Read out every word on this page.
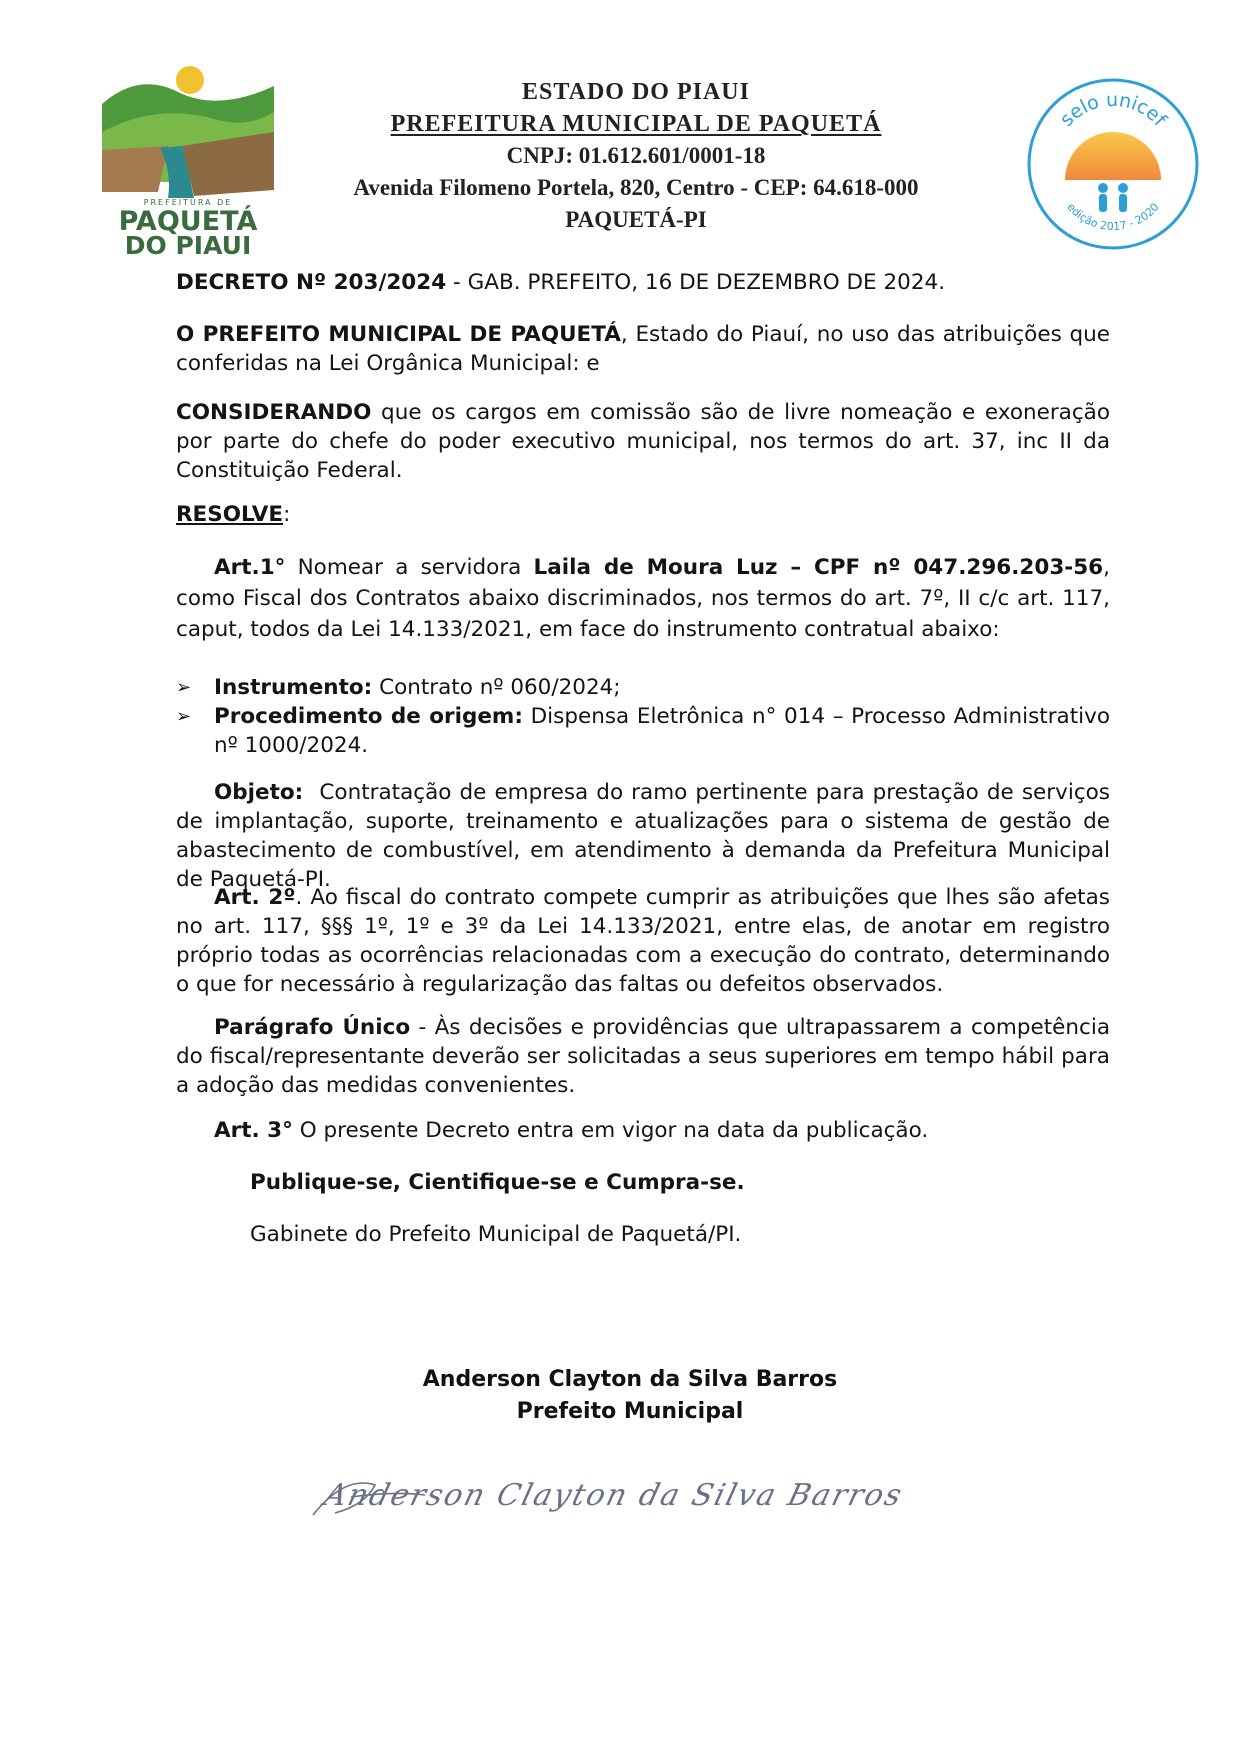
PREFEITURA DE
PAQUETÁ
DO PIAUI
ESTADO DO PIAUI
PREFEITURA MUNICIPAL DE PAQUETÁ
CNPJ: 01.612.601/0001-18
Avenida Filomeno Portela, 820, Centro - CEP: 64.618-000
PAQUETÁ-PI
selo unicef
edição 2017 - 2020
DECRETO Nº 203/2024 - GAB. PREFEITO, 16 DE DEZEMBRO DE 2024.
O PREFEITO MUNICIPAL DE PAQUETÁ, Estado do Piauí, no uso das atribuições que conferidas na Lei Orgânica Municipal: e
CONSIDERANDO que os cargos em comissão são de livre nomeação e exoneração por parte do chefe do poder executivo municipal, nos termos do art. 37, inc II da Constituição Federal.
RESOLVE:
Art.1° Nomear a servidora Laila de Moura Luz – CPF nº 047.296.203-56, como Fiscal dos Contratos abaixo discriminados, nos termos do art. 7º, II c/c art. 117, caput, todos da Lei 14.133/2021, em face do instrumento contratual abaixo:
➢ Instrumento: Contrato nº 060/2024;
➢ Procedimento de origem: Dispensa Eletrônica n° 014 – Processo Administrativo nº 1000/2024.
Objeto:  Contratação de empresa do ramo pertinente para prestação de serviços de implantação, suporte, treinamento e atualizações para o sistema de gestão de abastecimento de combustível, em atendimento à demanda da Prefeitura Municipal de Paquetá-PI.
Art. 2º. Ao fiscal do contrato compete cumprir as atribuições que lhes são afetas no art. 117, §§§ 1º, 1º e 3º da Lei 14.133/2021, entre elas, de anotar em registro próprio todas as ocorrências relacionadas com a execução do contrato, determinando o que for necessário à regularização das faltas ou defeitos observados.
Parágrafo Único - Às decisões e providências que ultrapassarem a competência do fiscal/representante deverão ser solicitadas a seus superiores em tempo hábil para a adoção das medidas convenientes.
Art. 3° O presente Decreto entra em vigor na data da publicação.
Publique-se, Cientifique-se e Cumpra-se.
Gabinete do Prefeito Municipal de Paquetá/PI.
Anderson Clayton da Silva Barros
Anderson Clayton da Silva Barros
Prefeito Municipal
